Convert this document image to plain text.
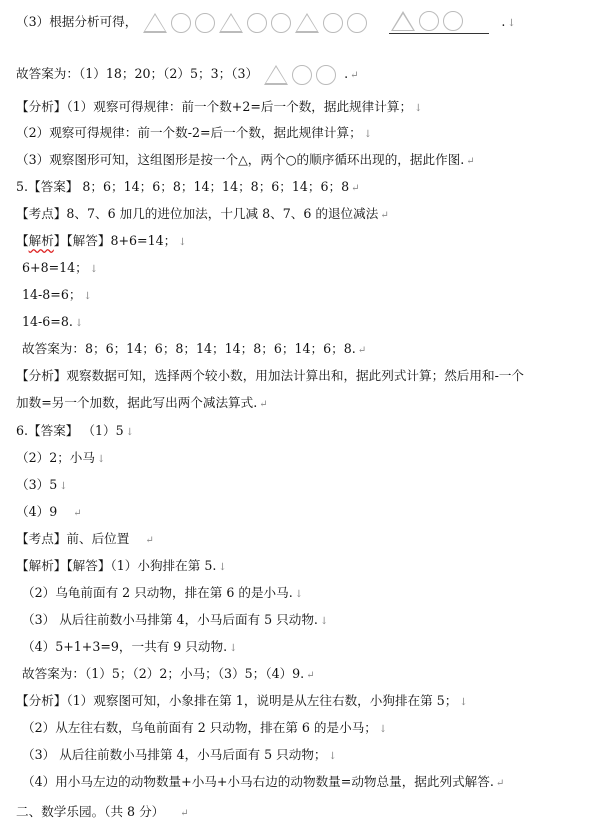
（3）根据分析可得，	. ↓
故答案为：（1）18；20；（2）5；3；（3）	. ↵
【分析】（1）观察可得规律：前一个数+2=后一个数，据此规律计算； ↓
（2）观察可得规律：前一个数-2=后一个数，据此规律计算； ↓
（3）观察图形可知，这组图形是按一个△，两个○的顺序循环出现的，据此作图. ↵
5.【答案】 8；6；14；6；8；14；14；8；6；14；6；8 ↵
【考点】8、7、6 加几的进位加法，十几减 8、7、6 的退位减法 ↵
【解析】【解答】8+6=14； ↓
6+8=14； ↓
14-8=6； ↓
14-6=8. ↓
故答案为：8；6；14；6；8；14；14；8；6；14；6；8. ↵
【分析】观察数据可知，选择两个较小数，用加法计算出和，据此列式计算；然后用和-一个
加数=另一个加数，据此写出两个减法算式. ↵
6.【答案】 （1）5 ↓
（2）2；小马 ↓
（3）5 ↓
（4）9 ↵
【考点】前、后位置 ↵
【解析】【解答】（1）小狗排在第 5. ↓
（2）乌龟前面有 2 只动物，排在第 6 的是小马. ↓
（3） 从后往前数小马排第 4，小马后面有 5 只动物. ↓
（4）5+1+3=9，一共有 9 只动物. ↓
故答案为：（1）5；（2）2；小马；（3）5；（4）9. ↵
【分析】（1）观察图可知，小象排在第 1，说明是从左往右数，小狗排在第 5； ↓
（2）从左往右数，乌龟前面有 2 只动物，排在第 6 的是小马； ↓
（3） 从后往前数小马排第 4，小马后面有 5 只动物； ↓
（4）用小马左边的动物数量+小马+小马右边的动物数量=动物总量，据此列式解答. ↵
二、数学乐园。（共 8 分） ↵
